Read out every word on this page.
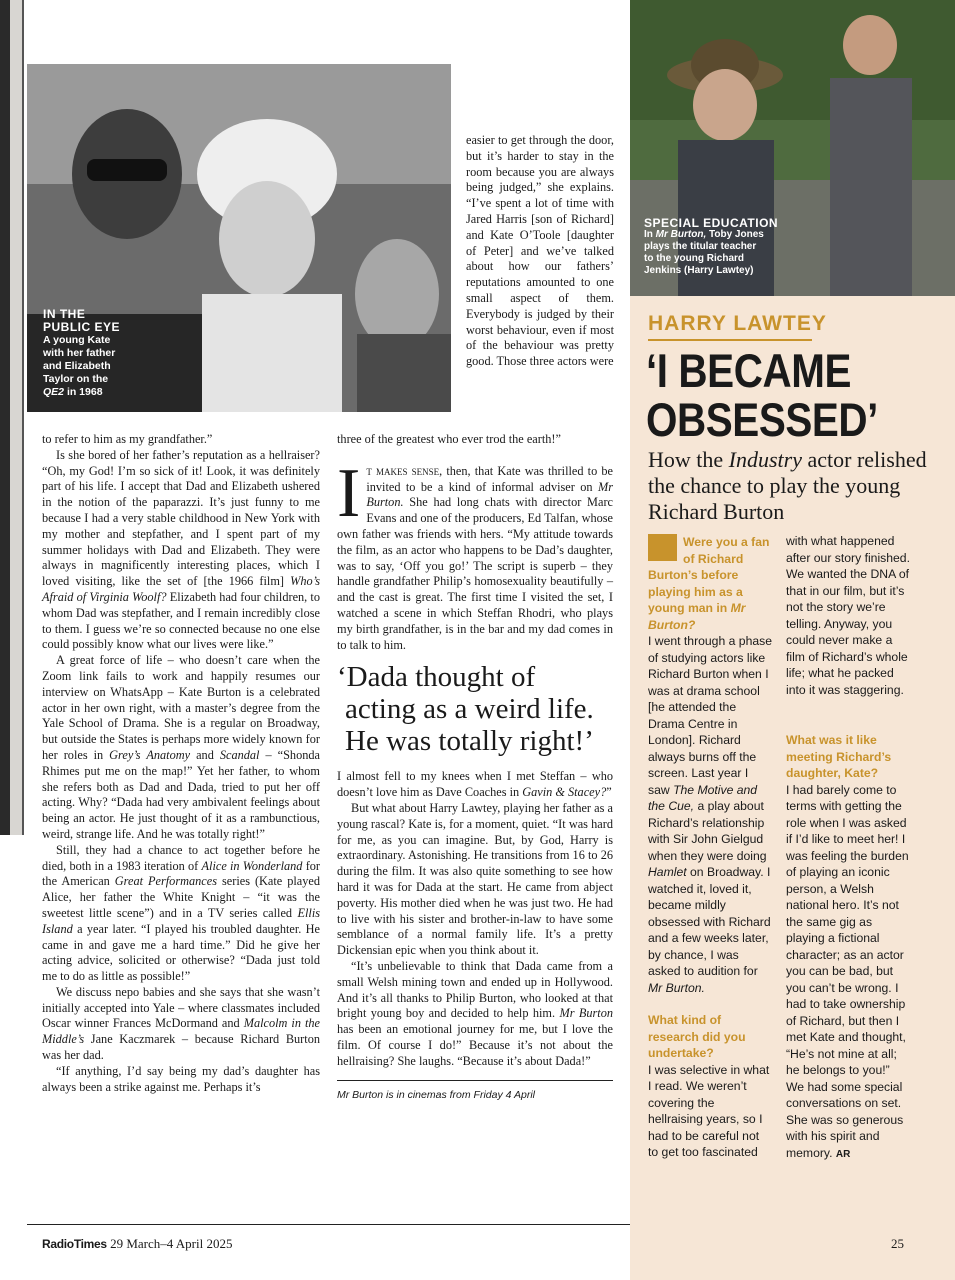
IN THE
PUBLIC EYE
A young Kate
with her father
and Elizabeth
Taylor on the
QE2 in 1968

easier to get through the door, but it’s harder to stay in the room because you are always being judged,” she explains. “I’ve spent a lot of time with Jared Harris [son of Richard] and Kate O’Toole [daughter of Peter] and we’ve talked about how our fathers’ reputations amounted to one small aspect of them. Everybody is judged by their worst behaviour, even if most of the behaviour was pretty good. Those three actors were

to refer to him as my grandfather.”

Is she bored of her father’s reputation as a hellraiser? “Oh, my God! I’m so sick of it! Look, it was definitely part of his life. I accept that Dad and Elizabeth ushered in the notion of the paparazzi. It’s just funny to me because I had a very stable childhood in New York with my mother and stepfather, and I spent part of my summer holidays with Dad and Elizabeth. They were always in magnificently interesting places, which I loved visiting, like the set of [the 1966 film] Who’s Afraid of Virginia Woolf? Elizabeth had four children, to whom Dad was stepfather, and I remain incredibly close to them. I guess we’re so connected because no one else could possibly know what our lives were like.”

A great force of life – who doesn’t care when the Zoom link fails to work and happily resumes our interview on WhatsApp – Kate Burton is a celebrated actor in her own right, with a master’s degree from the Yale School of Drama. She is a regular on Broadway, but outside the States is perhaps more widely known for her roles in Grey’s Anatomy and Scandal – “Shonda Rhimes put me on the map!” Yet her father, to whom she refers both as Dad and Dada, tried to put her off acting. Why? “Dada had very ambivalent feelings about being an actor. He just thought of it as a rambunctious, weird, strange life. And he was totally right!”

Still, they had a chance to act together before he died, both in a 1983 iteration of Alice in Wonderland for the American Great Performances series (Kate played Alice, her father the White Knight – “it was the sweetest little scene”) and in a TV series called Ellis Island a year later. “I played his troubled daughter. He came in and gave me a hard time.” Did he give her acting advice, solicited or otherwise? “Dada just told me to do as little as possible!”

We discuss nepo babies and she says that she wasn’t initially accepted into Yale – where classmates included Oscar winner Frances McDormand and Malcolm in the Middle’s Jane Kaczmarek – because Richard Burton was her dad.

“If anything, I’d say being my dad’s daughter has always been a strike against me. Perhaps it’s

three of the greatest who ever trod the earth!”

I t makes sense, then, that Kate was thrilled to be invited to be a kind of informal adviser on Mr Burton. She had long chats with director Marc Evans and one of the producers, Ed Talfan, whose own father was friends with hers. “My attitude towards the film, as an actor who happens to be Dad’s daughter, was to say, ‘Off you go!’ The script is superb – they handle grandfather Philip’s homosexuality beautifully – and the cast is great. The first time I visited the set, I watched a scene in which Steffan Rhodri, who plays my birth grandfather, is in the bar and my dad comes in to talk to him.

‘Dada thought of acting as a weird life. He was totally right!’

I almost fell to my knees when I met Steffan – who doesn’t love him as Dave Coaches in Gavin & Stacey?”

But what about Harry Lawtey, playing her father as a young rascal? Kate is, for a moment, quiet. “It was hard for me, as you can imagine. But, by God, Harry is extraordinary. Astonishing. He transitions from 16 to 26 during the film. It was also quite something to see how hard it was for Dada at the start. He came from abject poverty. His mother died when he was just two. He had to live with his sister and brother-in-law to have some semblance of a normal family life. It’s a pretty Dickensian epic when you think about it.

“It’s unbelievable to think that Dada came from a small Welsh mining town and ended up in Hollywood. And it’s all thanks to Philip Burton, who looked at that bright young boy and decided to help him. Mr Burton has been an emotional journey for me, but I love the film. Of course I do!” Because it’s not about the hellraising? She laughs. “Because it’s about Dada!”

Mr Burton is in cinemas from Friday 4 April
SPECIAL EDUCATION
In Mr Burton, Toby Jones
plays the titular teacher
to the young Richard
Jenkins (Harry Lawtey)
HARRY LAWTEY
‘I BECAME
OBSESSED’
How the Industry actor relished the chance to play the young Richard Burton

Were you a fan of Richard Burton’s before playing him as a young man in Mr Burton?

I went through a phase of studying actors like Richard Burton when I was at drama school [he attended the Drama Centre in London]. Richard always burns off the screen. Last year I saw The Motive and the Cue, a play about Richard’s relationship with Sir John Gielgud when they were doing Hamlet on Broadway. I watched it, loved it, became mildly obsessed with Richard and a few weeks later, by chance, I was asked to audition for Mr Burton.

What kind of research did you undertake?

I was selective in what I read. We weren’t covering the hellraising years, so I had to be careful not to get too fascinated

with what happened after our story finished. We wanted the DNA of that in our film, but it’s not the story we’re telling. Anyway, you could never make a film of Richard’s whole life; what he packed into it was staggering.

What was it like meeting Richard’s daughter, Kate?

I had barely come to terms with getting the role when I was asked if I’d like to meet her! I was feeling the burden of playing an iconic person, a Welsh national hero. It’s not the same gig as playing a fictional character; as an actor you can be bad, but you can’t be wrong. I had to take ownership of Richard, but then I met Kate and thought, “He’s not mine at all; he belongs to you!” We had some special conversations on set. She was so generous with his spirit and memory. AR

RadioTimes 29 March–4 April 2025	25
